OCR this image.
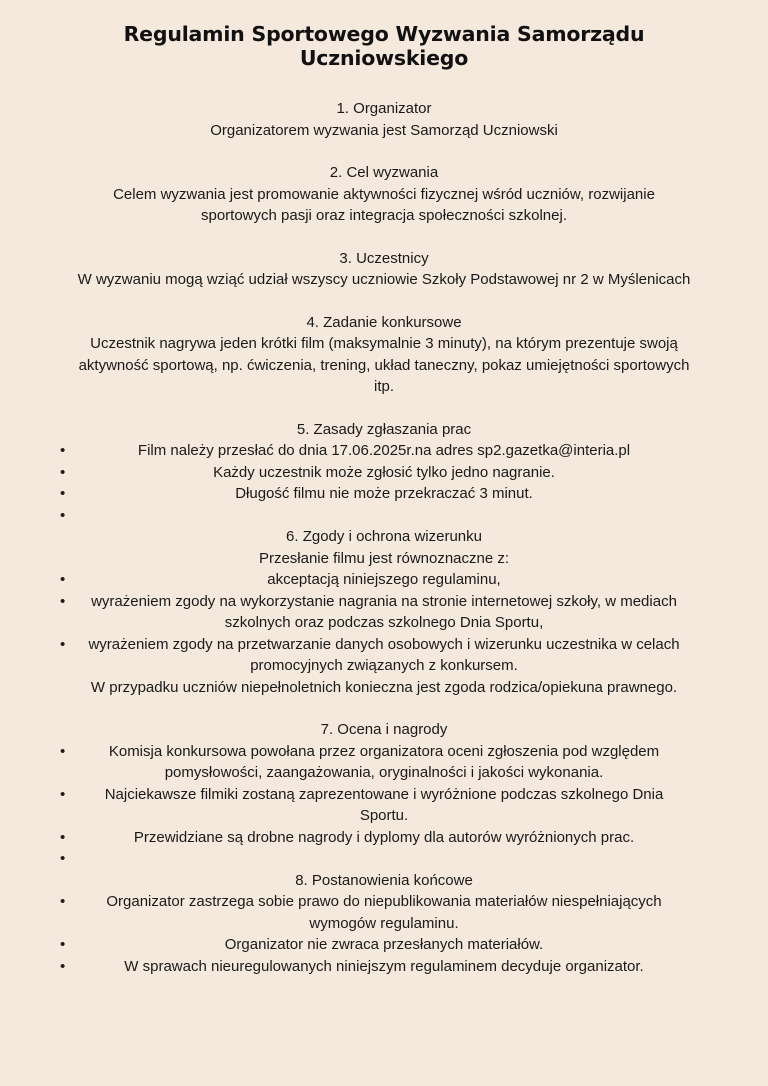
Regulamin Sportowego Wyzwania Samorządu Uczniowskiego
1. Organizator
Organizatorem wyzwania jest Samorząd Uczniowski
2. Cel wyzwania
Celem wyzwania jest promowanie aktywności fizycznej wśród uczniów, rozwijanie sportowych pasji oraz integracja społeczności szkolnej.
3. Uczestnicy
W wyzwaniu mogą wziąć udział wszyscy uczniowie Szkoły Podstawowej nr 2 w Myślenicach
4. Zadanie konkursowe
Uczestnik nagrywa jeden krótki film (maksymalnie 3 minuty), na którym prezentuje swoją aktywność sportową, np. ćwiczenia, trening, układ taneczny, pokaz umiejętności sportowych itp.
5. Zasady zgłaszania prac
•	Film należy przesłać do dnia 17.06.2025r.na adres sp2.gazetka@interia.pl
•	Każdy uczestnik może zgłosić tylko jedno nagranie.
•	Długość filmu nie może przekraczać 3 minut.
•
6. Zgody i ochrona wizerunku
Przesłanie filmu jest równoznaczne z:
•	akceptacją niniejszego regulaminu,
• wyrażeniem zgody na wykorzystanie nagrania na stronie internetowej szkoły, w mediach szkolnych oraz podczas szkolnego Dnia Sportu,
• wyrażeniem zgody na przetwarzanie danych osobowych i wizerunku uczestnika w celach promocyjnych związanych z konkursem.
W przypadku uczniów niepełnoletnich konieczna jest zgoda rodzica/opiekuna prawnego.
7. Ocena i nagrody
•	Komisja konkursowa powołana przez organizatora oceni zgłoszenia pod względem pomysłowości, zaangażowania, oryginalności i jakości wykonania.
•	Najciekawsze filmiki zostaną zaprezentowane i wyróżnione podczas szkolnego Dnia Sportu.
•	Przewidziane są drobne nagrody i dyplomy dla autorów wyróżnionych prac.
•
8. Postanowienia końcowe
•	Organizator zastrzega sobie prawo do niepublikowania materiałów niespełniających wymogów regulaminu.
•	Organizator nie zwraca przesłanych materiałów.
•	W sprawach nieuregulowanych niniejszym regulaminem decyduje organizator.
